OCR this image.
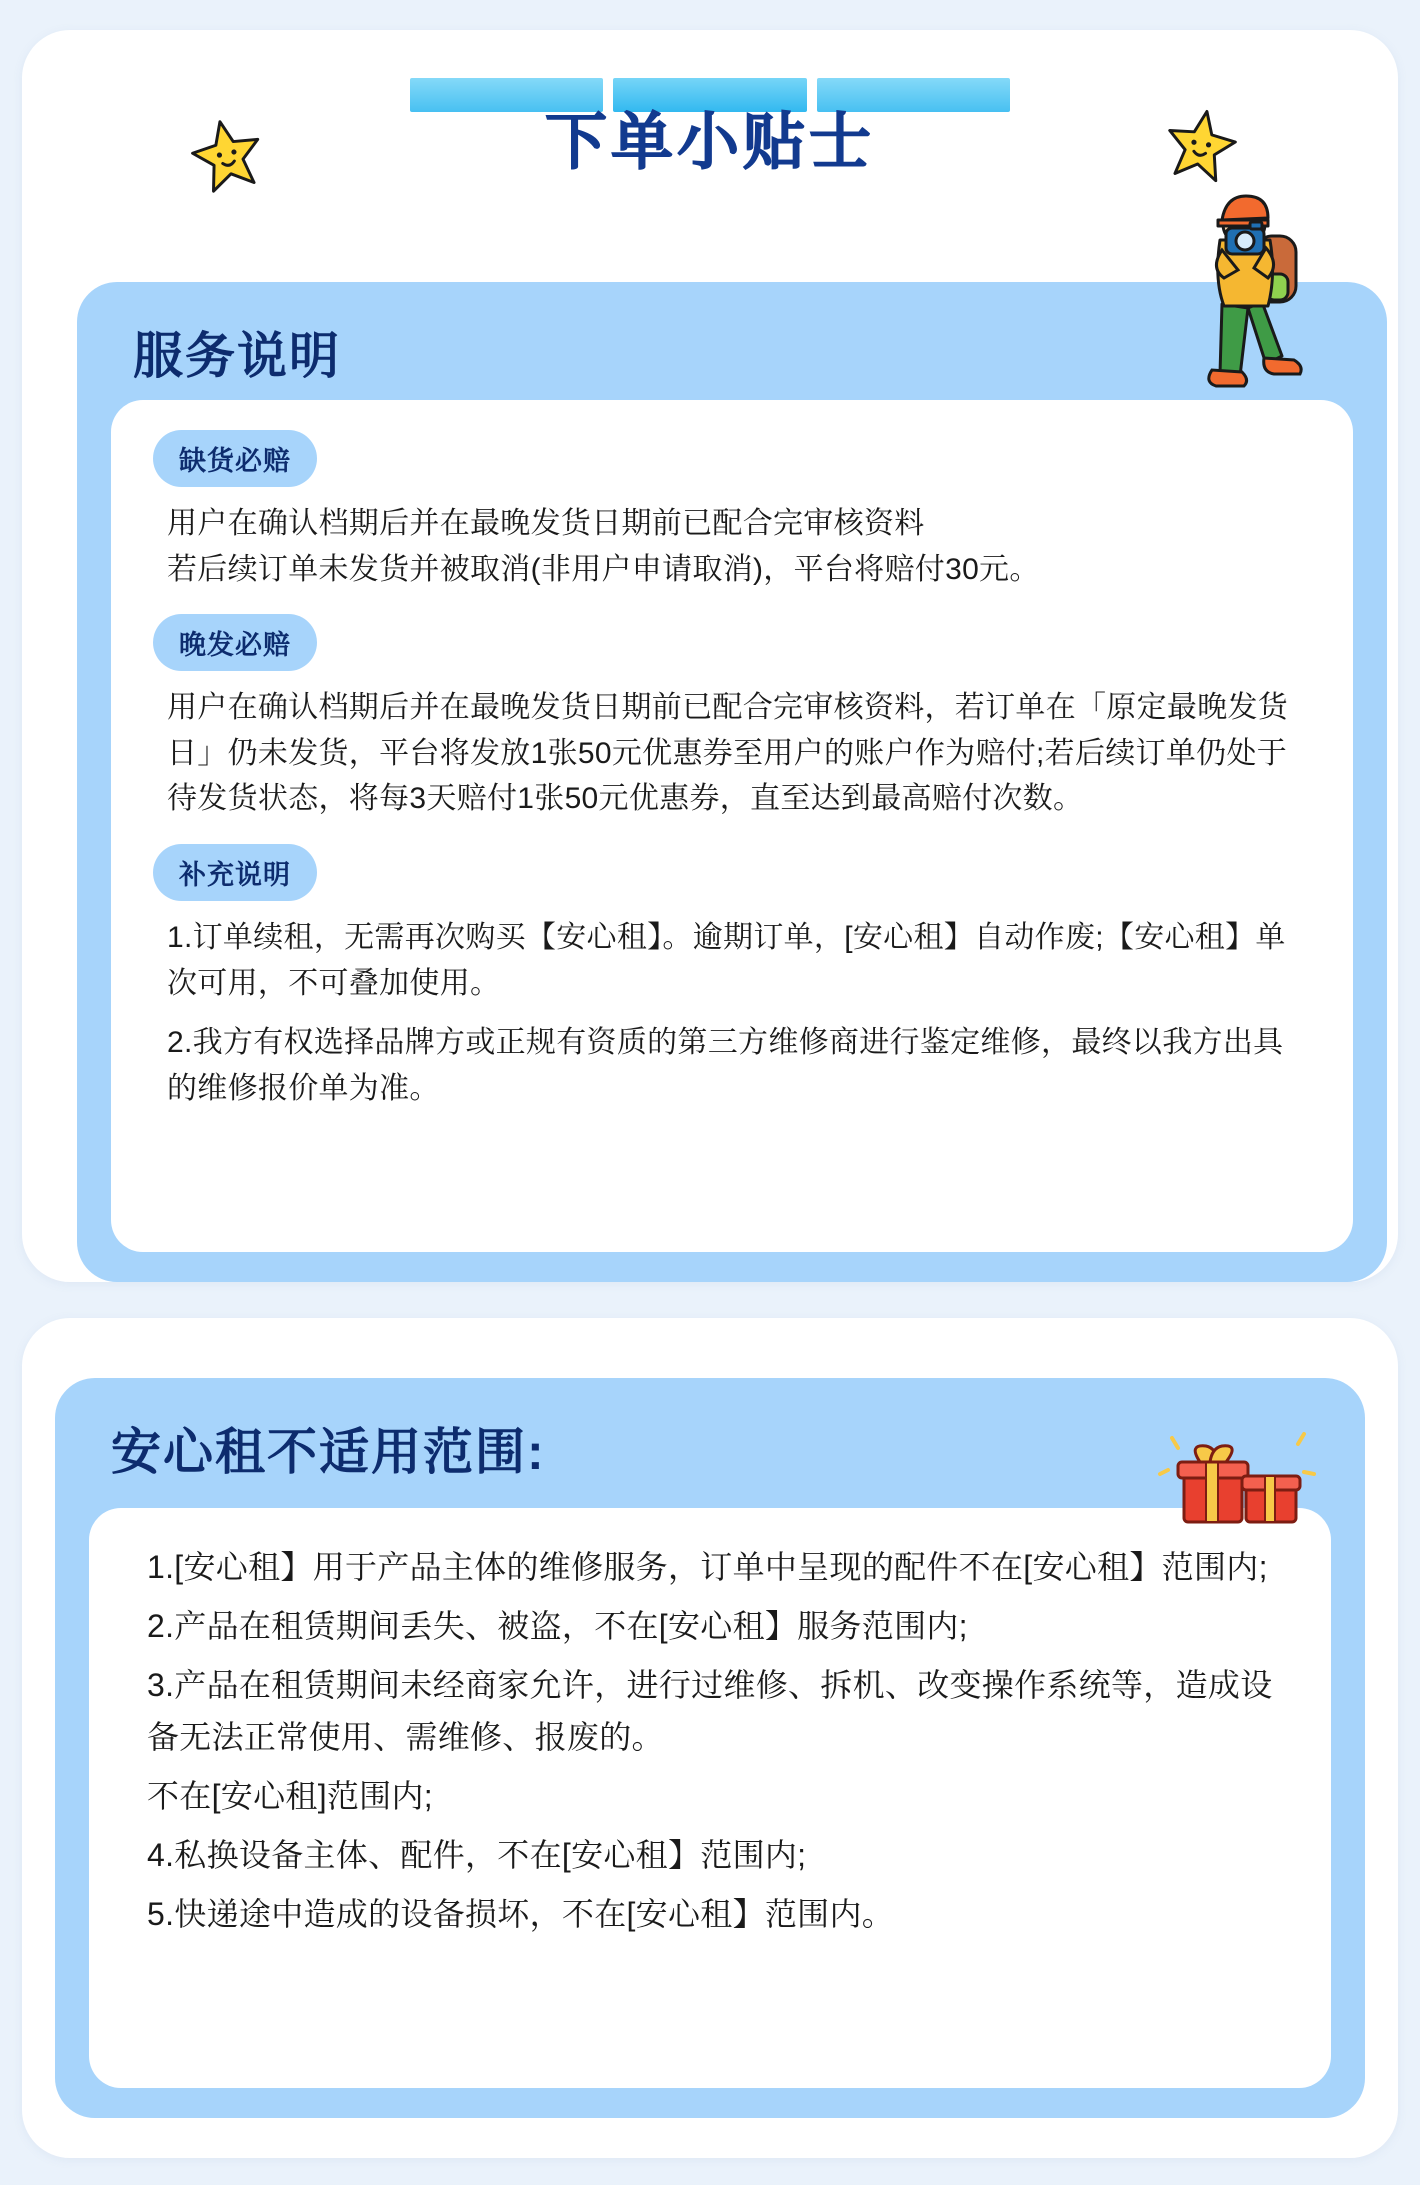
下单小贴士
服务说明
缺货必赔

用户在确认档期后并在最晚发货日期前已配合完审核资料

若后续订单未发货并被取消(非用户申请取消)，平台将赔付30元。

晚发必赔

用户在确认档期后并在最晚发货日期前已配合完审核资料，若订单在「原定最晚发货日」仍未发货，平台将发放1张50元优惠券至用户的账户作为赔付;若后续订单仍处于待发货状态，将每3天赔付1张50元优惠券，直至达到最高赔付次数。

补充说明

1.订单续租，无需再次购买【安心租】。逾期订单，[安心租】自动作废;【安心租】单次可用，不可叠加使用。

2.我方有权选择品牌方或正规有资质的第三方维修商进行鉴定维修，最终以我方出具的维修报价单为准。

安心租不适用范围:

1.[安心租】用于产品主体的维修服务，订单中呈现的配件不在[安心租】范围内;

2.产品在租赁期间丢失、被盗，不在[安心租】服务范围内;

3.产品在租赁期间未经商家允许，进行过维修、拆机、改变操作系统等，造成设备无法正常使用、需维修、报废的。

不在[安心租]范围内;

4.私换设备主体、配件，不在[安心租】范围内;

5.快递途中造成的设备损坏，不在[安心租】范围内。
